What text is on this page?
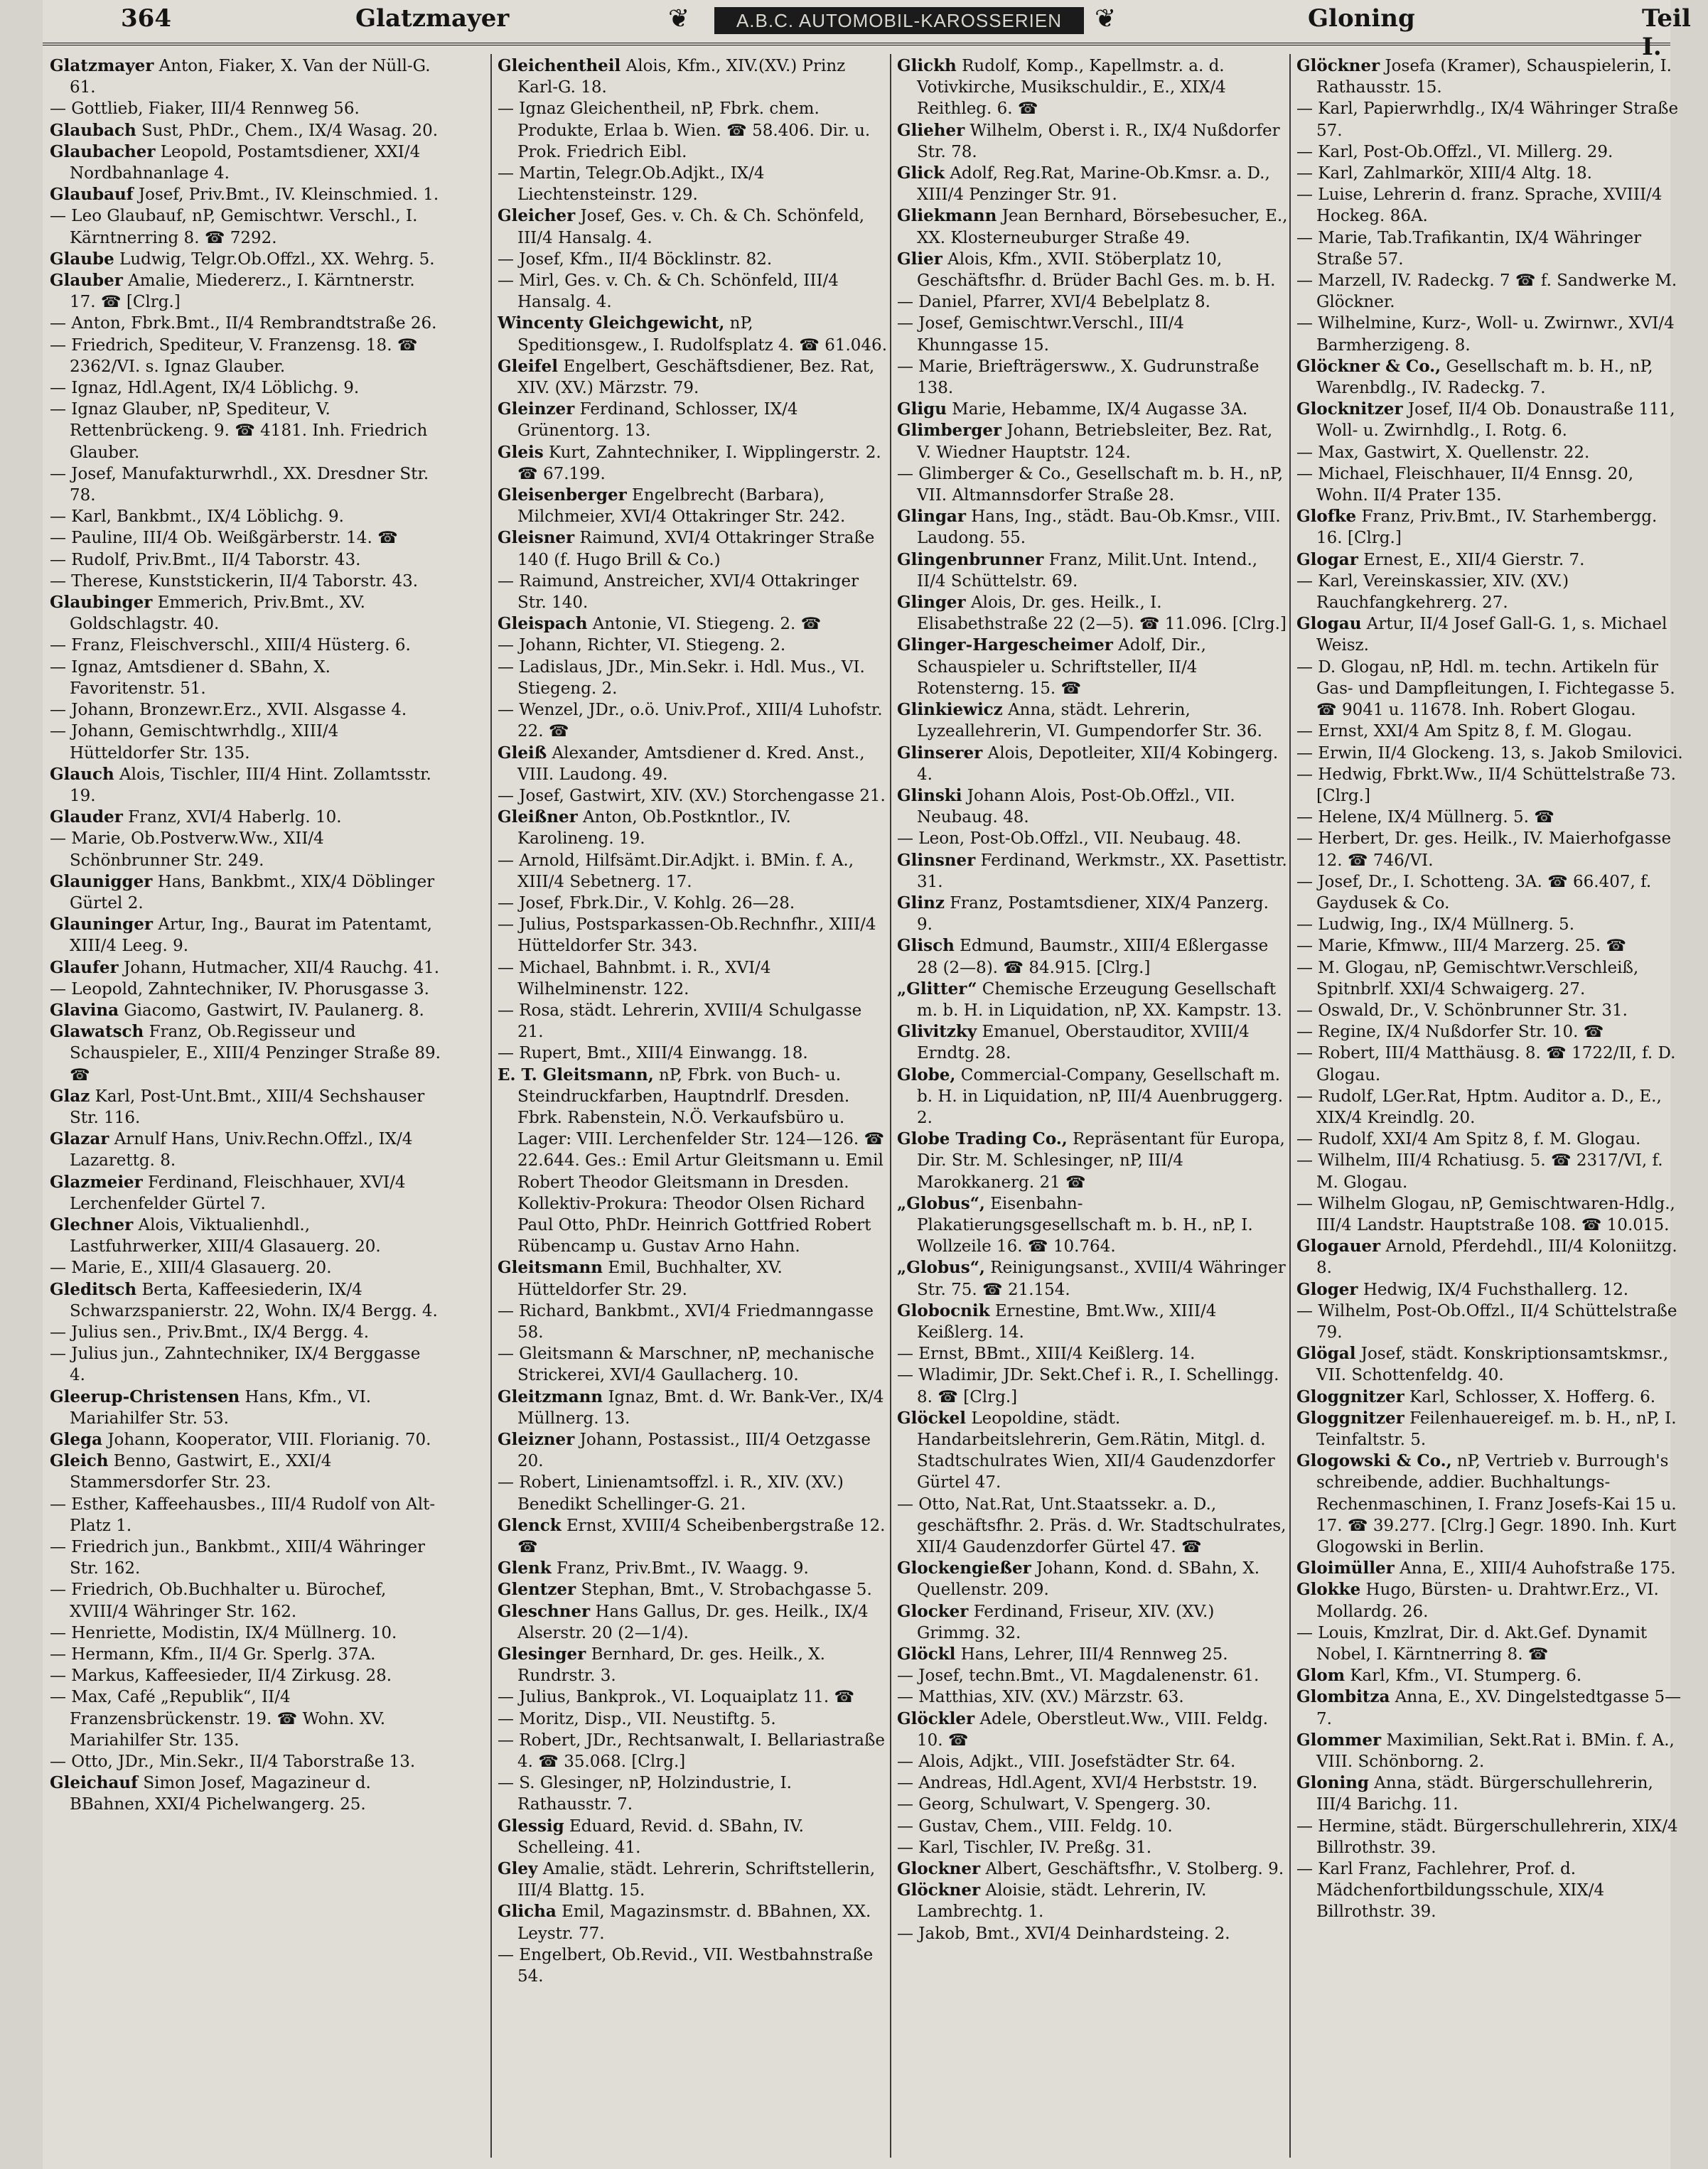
364	Glatzmayer	❦	A.B.C. AUTOMOBIL-KAROSSERIEN	❦	Gloning	Teil I.

Glatzmayer Anton, Fiaker, X. Van der Nüll-G. 61.

— Gottlieb, Fiaker, III/4 Rennweg 56.

Glaubach Sust, PhDr., Chem., IX/4 Wasag. 20.

Glaubacher Leopold, Postamtsdiener, XXI/4 Nordbahnanlage 4.

Glaubauf Josef, Priv.Bmt., IV. Kleinschmied. 1.

— Leo Glaubauf, nP, Gemischtwr. Verschl., I. Kärntnerring 8. ☎ 7292.

Glaube Ludwig, Telgr.Ob.Offzl., XX. Wehrg. 5.

Glauber Amalie, Miedererz., I. Kärntnerstr. 17. ☎ [Clrg.]

— Anton, Fbrk.Bmt., II/4 Rembrandtstraße 26.

— Friedrich, Spediteur, V. Franzensg. 18. ☎ 2362/VI. s. Ignaz Glauber.

— Ignaz, Hdl.Agent, IX/4 Löblichg. 9.

— Ignaz Glauber, nP, Spediteur, V. Rettenbrückeng. 9. ☎ 4181. Inh. Friedrich Glauber.

— Josef, Manufakturwrhdl., XX. Dresdner Str. 78.

— Karl, Bankbmt., IX/4 Löblichg. 9.

— Pauline, III/4 Ob. Weißgärberstr. 14. ☎

— Rudolf, Priv.Bmt., II/4 Taborstr. 43.

— Therese, Kunststickerin, II/4 Taborstr. 43.

Glaubinger Emmerich, Priv.Bmt., XV. Goldschlagstr. 40.

— Franz, Fleischverschl., XIII/4 Hüsterg. 6.

— Ignaz, Amtsdiener d. SBahn, X. Favoritenstr. 51.

— Johann, Bronzewr.Erz., XVII. Alsgasse 4.

— Johann, Gemischtwrhdlg., XIII/4 Hütteldorfer Str. 135.

Glauch Alois, Tischler, III/4 Hint. Zollamtsstr. 19.

Glauder Franz, XVI/4 Haberlg. 10.

— Marie, Ob.Postverw.Ww., XII/4 Schönbrunner Str. 249.

Glaunigger Hans, Bankbmt., XIX/4 Döblinger Gürtel 2.

Glauninger Artur, Ing., Baurat im Patentamt, XIII/4 Leeg. 9.

Glaufer Johann, Hutmacher, XII/4 Rauchg. 41.

— Leopold, Zahntechniker, IV. Phorusgasse 3.

Glavina Giacomo, Gastwirt, IV. Paulanerg. 8.

Glawatsch Franz, Ob.Regisseur und Schauspieler, E., XIII/4 Penzinger Straße 89. ☎

Glaz Karl, Post-Unt.Bmt., XIII/4 Sechshauser Str. 116.

Glazar Arnulf Hans, Univ.Rechn.Offzl., IX/4 Lazarettg. 8.

Glazmeier Ferdinand, Fleischhauer, XVI/4 Lerchenfelder Gürtel 7.

Glechner Alois, Viktualienhdl., Lastfuhrwerker, XIII/4 Glasauerg. 20.

— Marie, E., XIII/4 Glasauerg. 20.

Gleditsch Berta, Kaffeesiederin, IX/4 Schwarzspanierstr. 22, Wohn. IX/4 Bergg. 4.

— Julius sen., Priv.Bmt., IX/4 Bergg. 4.

— Julius jun., Zahntechniker, IX/4 Berggasse 4.

Gleerup-Christensen Hans, Kfm., VI. Mariahilfer Str. 53.

Glega Johann, Kooperator, VIII. Florianig. 70.

Gleich Benno, Gastwirt, E., XXI/4 Stammersdorfer Str. 23.

— Esther, Kaffeehausbes., III/4 Rudolf von Alt-Platz 1.

— Friedrich jun., Bankbmt., XIII/4 Währinger Str. 162.

— Friedrich, Ob.Buchhalter u. Bürochef, XVIII/4 Währinger Str. 162.

— Henriette, Modistin, IX/4 Müllnerg. 10.

— Hermann, Kfm., II/4 Gr. Sperlg. 37A.

— Markus, Kaffeesieder, II/4 Zirkusg. 28.

— Max, Café „Republik“, II/4 Franzensbrückenstr. 19. ☎ Wohn. XV. Mariahilfer Str. 135.

— Otto, JDr., Min.Sekr., II/4 Taborstraße 13.

Gleichauf Simon Josef, Magazineur d. BBahnen, XXI/4 Pichelwangerg. 25.

Gleichentheil Alois, Kfm., XIV.(XV.) Prinz Karl-G. 18.

— Ignaz Gleichentheil, nP, Fbrk. chem. Produkte, Erlaa b. Wien. ☎ 58.406. Dir. u. Prok. Friedrich Eibl.

— Martin, Telegr.Ob.Adjkt., IX/4 Liechtensteinstr. 129.

Gleicher Josef, Ges. v. Ch. & Ch. Schönfeld, III/4 Hansalg. 4.

— Josef, Kfm., II/4 Böcklinstr. 82.

— Mirl, Ges. v. Ch. & Ch. Schönfeld, III/4 Hansalg. 4.

Wincenty Gleichgewicht, nP, Speditionsgew., I. Rudolfsplatz 4. ☎ 61.046.

Gleifel Engelbert, Geschäftsdiener, Bez. Rat, XIV. (XV.) Märzstr. 79.

Gleinzer Ferdinand, Schlosser, IX/4 Grünentorg. 13.

Gleis Kurt, Zahntechniker, I. Wipplingerstr. 2. ☎ 67.199.

Gleisenberger Engelbrecht (Barbara), Milchmeier, XVI/4 Ottakringer Str. 242.

Gleisner Raimund, XVI/4 Ottakringer Straße 140 (f. Hugo Brill & Co.)

— Raimund, Anstreicher, XVI/4 Ottakringer Str. 140.

Gleispach Antonie, VI. Stiegeng. 2. ☎

— Johann, Richter, VI. Stiegeng. 2.

— Ladislaus, JDr., Min.Sekr. i. Hdl. Mus., VI. Stiegeng. 2.

— Wenzel, JDr., o.ö. Univ.Prof., XIII/4 Luhofstr. 22. ☎

Gleiß Alexander, Amtsdiener d. Kred. Anst., VIII. Laudong. 49.

— Josef, Gastwirt, XIV. (XV.) Storchengasse 21.

Gleißner Anton, Ob.Postkntlor., IV. Karolineng. 19.

— Arnold, Hilfsämt.Dir.Adjkt. i. BMin. f. A., XIII/4 Sebetnerg. 17.

— Josef, Fbrk.Dir., V. Kohlg. 26—28.

— Julius, Postsparkassen-Ob.Rechnfhr., XIII/4 Hütteldorfer Str. 343.

— Michael, Bahnbmt. i. R., XVI/4 Wilhelminenstr. 122.

— Rosa, städt. Lehrerin, XVIII/4 Schulgasse 21.

— Rupert, Bmt., XIII/4 Einwangg. 18.

E. T. Gleitsmann, nP, Fbrk. von Buch- u. Steindruckfarben, Hauptndrlf. Dresden. Fbrk. Rabenstein, N.Ö. Verkaufsbüro u. Lager: VIII. Lerchenfelder Str. 124—126. ☎ 22.644. Ges.: Emil Artur Gleitsmann u. Emil Robert Theodor Gleitsmann in Dresden. Kollektiv-Prokura: Theodor Olsen Richard Paul Otto, PhDr. Heinrich Gottfried Robert Rübencamp u. Gustav Arno Hahn.

Gleitsmann Emil, Buchhalter, XV. Hütteldorfer Str. 29.

— Richard, Bankbmt., XVI/4 Friedmanngasse 58.

— Gleitsmann & Marschner, nP, mechanische Strickerei, XVI/4 Gaullacherg. 10.

Gleitzmann Ignaz, Bmt. d. Wr. Bank-Ver., IX/4 Müllnerg. 13.

Gleizner Johann, Postassist., III/4 Oetzgasse 20.

— Robert, Linienamtsoffzl. i. R., XIV. (XV.) Benedikt Schellinger-G. 21.

Glenck Ernst, XVIII/4 Scheibenbergstraße 12. ☎

Glenk Franz, Priv.Bmt., IV. Waagg. 9.

Glentzer Stephan, Bmt., V. Strobachgasse 5.

Gleschner Hans Gallus, Dr. ges. Heilk., IX/4 Alserstr. 20 (2—1/4).

Glesinger Bernhard, Dr. ges. Heilk., X. Rundrstr. 3.

— Julius, Bankprok., VI. Loquaiplatz 11. ☎

— Moritz, Disp., VII. Neustiftg. 5.

— Robert, JDr., Rechtsanwalt, I. Bellariastraße 4. ☎ 35.068. [Clrg.]

— S. Glesinger, nP, Holzindustrie, I. Rathausstr. 7.

Glessig Eduard, Revid. d. SBahn, IV. Schelleing. 41.

Gley Amalie, städt. Lehrerin, Schriftstellerin, III/4 Blattg. 15.

Glicha Emil, Magazinsmstr. d. BBahnen, XX. Leystr. 77.

— Engelbert, Ob.Revid., VII. Westbahnstraße 54.

Glickh Rudolf, Komp., Kapellmstr. a. d. Votivkirche, Musikschuldir., E., XIX/4 Reithleg. 6. ☎

Glieher Wilhelm, Oberst i. R., IX/4 Nußdorfer Str. 78.

Glick Adolf, Reg.Rat, Marine-Ob.Kmsr. a. D., XIII/4 Penzinger Str. 91.

Gliekmann Jean Bernhard, Börsebesucher, E., XX. Klosterneuburger Straße 49.

Glier Alois, Kfm., XVII. Stöberplatz 10, Geschäftsfhr. d. Brüder Bachl Ges. m. b. H.

— Daniel, Pfarrer, XVI/4 Bebelplatz 8.

— Josef, Gemischtwr.Verschl., III/4 Khunngasse 15.

— Marie, Briefträgersww., X. Gudrunstraße 138.

Gligu Marie, Hebamme, IX/4 Augasse 3A.

Glimberger Johann, Betriebsleiter, Bez. Rat, V. Wiedner Hauptstr. 124.

— Glimberger & Co., Gesellschaft m. b. H., nP, VII. Altmannsdorfer Straße 28.

Glingar Hans, Ing., städt. Bau-Ob.Kmsr., VIII. Laudong. 55.

Glingenbrunner Franz, Milit.Unt. Intend., II/4 Schüttelstr. 69.

Glinger Alois, Dr. ges. Heilk., I. Elisabethstraße 22 (2—5). ☎ 11.096. [Clrg.]

Glinger-Hargescheimer Adolf, Dir., Schauspieler u. Schriftsteller, II/4 Rotensterng. 15. ☎

Glinkiewicz Anna, städt. Lehrerin, Lyzeallehrerin, VI. Gumpendorfer Str. 36.

Glinserer Alois, Depotleiter, XII/4 Kobingerg. 4.

Glinski Johann Alois, Post-Ob.Offzl., VII. Neubaug. 48.

— Leon, Post-Ob.Offzl., VII. Neubaug. 48.

Glinsner Ferdinand, Werkmstr., XX. Pasettistr. 31.

Glinz Franz, Postamtsdiener, XIX/4 Panzerg. 9.

Glisch Edmund, Baumstr., XIII/4 Eßlergasse 28 (2—8). ☎ 84.915. [Clrg.]

„Glitter“ Chemische Erzeugung Gesellschaft m. b. H. in Liquidation, nP, XX. Kampstr. 13.

Glivitzky Emanuel, Oberstauditor, XVIII/4 Erndtg. 28.

Globe, Commercial-Company, Gesellschaft m. b. H. in Liquidation, nP, III/4 Auenbruggerg. 2.

Globe Trading Co., Repräsentant für Europa, Dir. Str. M. Schlesinger, nP, III/4 Marokkanerg. 21 ☎

„Globus“, Eisenbahn-Plakatierungsgesellschaft m. b. H., nP, I. Wollzeile 16. ☎ 10.764.

„Globus“, Reinigungsanst., XVIII/4 Währinger Str. 75. ☎ 21.154.

Globocnik Ernestine, Bmt.Ww., XIII/4 Keißlerg. 14.

— Ernst, BBmt., XIII/4 Keißlerg. 14.

— Wladimir, JDr. Sekt.Chef i. R., I. Schellingg. 8. ☎ [Clrg.]

Glöckel Leopoldine, städt. Handarbeitslehrerin, Gem.Rätin, Mitgl. d. Stadtschulrates Wien, XII/4 Gaudenzdorfer Gürtel 47.

— Otto, Nat.Rat, Unt.Staatssekr. a. D., geschäftsfhr. 2. Präs. d. Wr. Stadtschulrates, XII/4 Gaudenzdorfer Gürtel 47. ☎

Glockengießer Johann, Kond. d. SBahn, X. Quellenstr. 209.

Glocker Ferdinand, Friseur, XIV. (XV.) Grimmg. 32.

Glöckl Hans, Lehrer, III/4 Rennweg 25.

— Josef, techn.Bmt., VI. Magdalenenstr. 61.

— Matthias, XIV. (XV.) Märzstr. 63.

Glöckler Adele, Oberstleut.Ww., VIII. Feldg. 10. ☎

— Alois, Adjkt., VIII. Josefstädter Str. 64.

— Andreas, Hdl.Agent, XVI/4 Herbststr. 19.

— Georg, Schulwart, V. Spengerg. 30.

— Gustav, Chem., VIII. Feldg. 10.

— Karl, Tischler, IV. Preßg. 31.

Glockner Albert, Geschäftsfhr., V. Stolberg. 9.

Glöckner Aloisie, städt. Lehrerin, IV. Lambrechtg. 1.

— Jakob, Bmt., XVI/4 Deinhardsteing. 2.

Glöckner Josefa (Kramer), Schauspielerin, I. Rathausstr. 15.

— Karl, Papierwrhdlg., IX/4 Währinger Straße 57.

— Karl, Post-Ob.Offzl., VI. Millerg. 29.

— Karl, Zahlmarkör, XIII/4 Altg. 18.

— Luise, Lehrerin d. franz. Sprache, XVIII/4 Hockeg. 86A.

— Marie, Tab.Trafikantin, IX/4 Währinger Straße 57.

— Marzell, IV. Radeckg. 7 ☎ f. Sandwerke M. Glöckner.

— Wilhelmine, Kurz-, Woll- u. Zwirnwr., XVI/4 Barmherzigeng. 8.

Glöckner & Co., Gesellschaft m. b. H., nP, Warenbdlg., IV. Radeckg. 7.

Glocknitzer Josef, II/4 Ob. Donaustraße 111, Woll- u. Zwirnhdlg., I. Rotg. 6.

— Max, Gastwirt, X. Quellenstr. 22.

— Michael, Fleischhauer, II/4 Ennsg. 20, Wohn. II/4 Prater 135.

Glofke Franz, Priv.Bmt., IV. Starhembergg. 16. [Clrg.]

Glogar Ernest, E., XII/4 Gierstr. 7.

— Karl, Vereinskassier, XIV. (XV.) Rauchfangkehrerg. 27.

Glogau Artur, II/4 Josef Gall-G. 1, s. Michael Weisz.

— D. Glogau, nP, Hdl. m. techn. Artikeln für Gas- und Dampfleitungen, I. Fichtegasse 5. ☎ 9041 u. 11678. Inh. Robert Glogau.

— Ernst, XXI/4 Am Spitz 8, f. M. Glogau.

— Erwin, II/4 Glockeng. 13, s. Jakob Smilovici.

— Hedwig, Fbrkt.Ww., II/4 Schüttelstraße 73. [Clrg.]

— Helene, IX/4 Müllnerg. 5. ☎

— Herbert, Dr. ges. Heilk., IV. Maierhofgasse 12. ☎ 746/VI.

— Josef, Dr., I. Schotteng. 3A. ☎ 66.407, f. Gaydusek & Co.

— Ludwig, Ing., IX/4 Müllnerg. 5.

— Marie, Kfmww., III/4 Marzerg. 25. ☎

— M. Glogau, nP, Gemischtwr.Verschleiß, Spitnbrlf. XXI/4 Schwaigerg. 27.

— Oswald, Dr., V. Schönbrunner Str. 31.

— Regine, IX/4 Nußdorfer Str. 10. ☎

— Robert, III/4 Matthäusg. 8. ☎ 1722/II, f. D. Glogau.

— Rudolf, LGer.Rat, Hptm. Auditor a. D., E., XIX/4 Kreindlg. 20.

— Rudolf, XXI/4 Am Spitz 8, f. M. Glogau.

— Wilhelm, III/4 Rchatiusg. 5. ☎ 2317/VI, f. M. Glogau.

— Wilhelm Glogau, nP, Gemischtwaren-Hdlg., III/4 Landstr. Hauptstraße 108. ☎ 10.015.

Glogauer Arnold, Pferdehdl., III/4 Koloniitzg. 8.

Gloger Hedwig, IX/4 Fuchsthallerg. 12.

— Wilhelm, Post-Ob.Offzl., II/4 Schüttelstraße 79.

Glögal Josef, städt. Konskriptionsamtskmsr., VII. Schottenfeldg. 40.

Gloggnitzer Karl, Schlosser, X. Hofferg. 6.

Gloggnitzer Feilenhauereigef. m. b. H., nP, I. Teinfaltstr. 5.

Glogowski & Co., nP, Vertrieb v. Burrough's schreibende, addier. Buchhaltungs-Rechenmaschinen, I. Franz Josefs-Kai 15 u. 17. ☎ 39.277. [Clrg.] Gegr. 1890. Inh. Kurt Glogowski in Berlin.

Gloimüller Anna, E., XIII/4 Auhofstraße 175.

Glokke Hugo, Bürsten- u. Drahtwr.Erz., VI. Mollardg. 26.

— Louis, Kmzlrat, Dir. d. Akt.Gef. Dynamit Nobel, I. Kärntnerring 8. ☎

Glom Karl, Kfm., VI. Stumperg. 6.

Glombitza Anna, E., XV. Dingelstedtgasse 5—7.

Glommer Maximilian, Sekt.Rat i. BMin. f. A., VIII. Schönborng. 2.

Gloning Anna, städt. Bürgerschullehrerin, III/4 Barichg. 11.

— Hermine, städt. Bürgerschullehrerin, XIX/4 Billrothstr. 39.

— Karl Franz, Fachlehrer, Prof. d. Mädchenfortbildungsschule, XIX/4 Billrothstr. 39.
